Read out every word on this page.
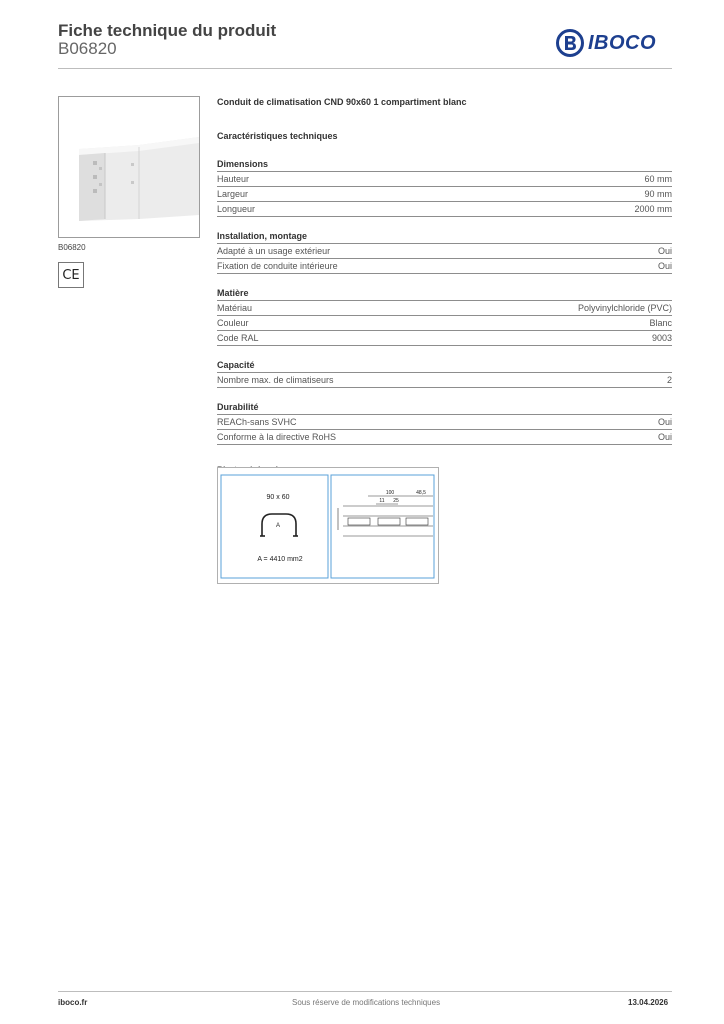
Fiche technique du produit
B06820	IBOCO
B06820
CE
Conduit de climatisation CND 90x60 1 compartiment blanc
Caractéristiques techniques
Dimensions
Hauteur	60 mm
Largeur	90 mm
Longueur	2000 mm
Installation, montage
Adapté à un usage extérieur	Oui
Fixation de conduite intérieure	Oui
Matière
Matériau	Polyvinylchloride (PVC)
Couleur	Blanc
Code RAL	9003
Capacité
Nombre max. de climatiseurs	2
Durabilité
REACh-sans SVHC	Oui
Conforme à la directive RoHS	Oui
90 x 60
A
A = 4410 mm2
100	48,5
11 25
iboco.fr	Sous réserve de modifications techniques	13.04.2026
